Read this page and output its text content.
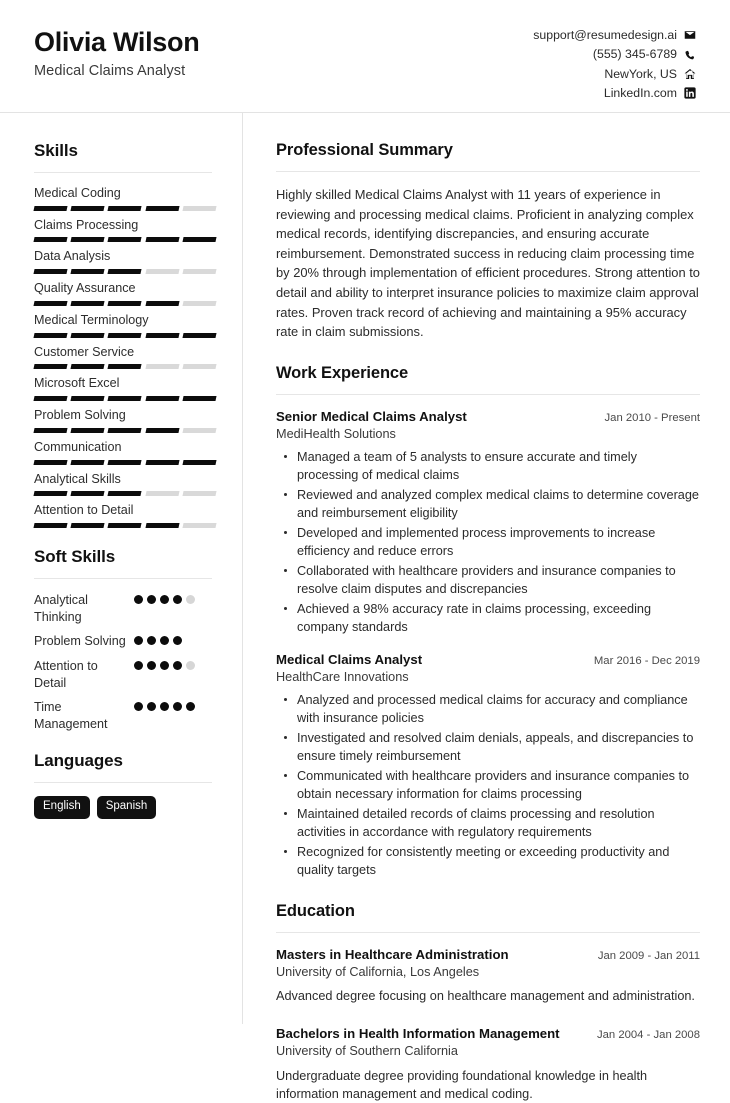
Olivia Wilson
Medical Claims Analyst
support@resumedesign.ai
(555) 345-6789
NewYork, US
LinkedIn.com
Skills
Medical Coding
Claims Processing
Data Analysis
Quality Assurance
Medical Terminology
Customer Service
Microsoft Excel
Problem Solving
Communication
Analytical Skills
Attention to Detail
Soft Skills
Analytical Thinking
Problem Solving
Attention to Detail
Time Management
Languages
English	Spanish
Professional Summary

Highly skilled Medical Claims Analyst with 11 years of experience in reviewing and processing medical claims. Proficient in analyzing complex medical records, identifying discrepancies, and ensuring accurate reimbursement. Demonstrated success in reducing claim processing time by 20% through implementation of efficient procedures. Strong attention to detail and ability to interpret insurance policies to maximize claim approval rates. Proven track record of achieving and maintaining a 95% accuracy rate in claim submissions.

Work Experience
Senior Medical Claims Analyst	Jan 2010 - Present
MediHealth Solutions
Managed a team of 5 analysts to ensure accurate and timely processing of medical claims
Reviewed and analyzed complex medical claims to determine coverage and reimbursement eligibility
Developed and implemented process improvements to increase efficiency and reduce errors
Collaborated with healthcare providers and insurance companies to resolve claim disputes and discrepancies
Achieved a 98% accuracy rate in claims processing, exceeding company standards
Medical Claims Analyst	Mar 2016 - Dec 2019
HealthCare Innovations
Analyzed and processed medical claims for accuracy and compliance with insurance policies
Investigated and resolved claim denials, appeals, and discrepancies to ensure timely reimbursement
Communicated with healthcare providers and insurance companies to obtain necessary information for claims processing
Maintained detailed records of claims processing and resolution activities in accordance with regulatory requirements
Recognized for consistently meeting or exceeding productivity and quality targets
Education
Masters in Healthcare Administration	Jan 2009 - Jan 2011
University of California, Los Angeles
Advanced degree focusing on healthcare management and administration.
Bachelors in Health Information Management	Jan 2004 - Jan 2008
University of Southern California
Undergraduate degree providing foundational knowledge in health information management and medical coding.
